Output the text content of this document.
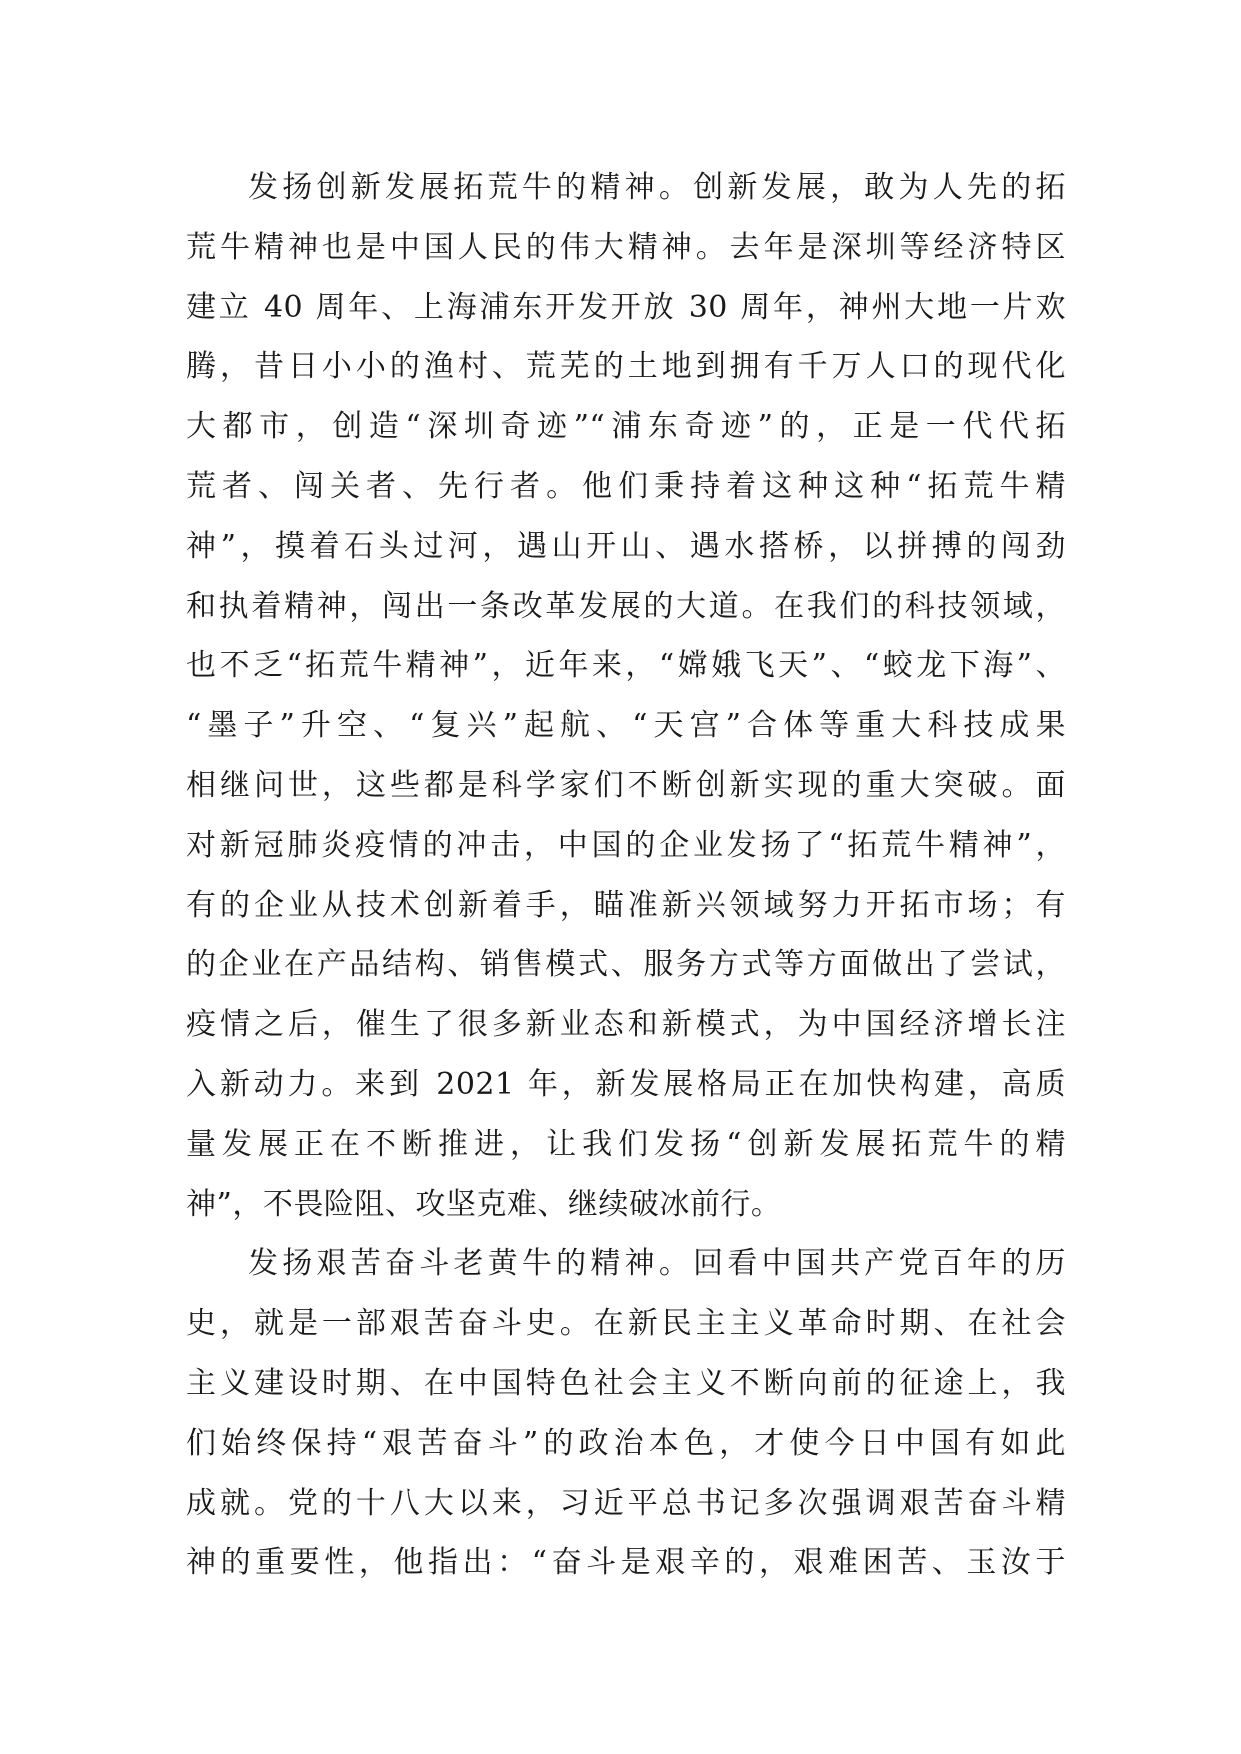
发扬创新发展拓荒牛的精神。创新发展，敢为人先的拓
荒牛精神也是中国人民的伟大精神。去年是深圳等经济特区
建立 40 周年、上海浦东开发开放 30 周年，神州大地一片欢
腾，昔日小小的渔村、荒芜的土地到拥有千万人口的现代化
大都市，创造“深圳奇迹”“浦东奇迹”的，正是一代代拓
荒者、闯关者、先行者。他们秉持着这种这种“拓荒牛精
神”，摸着石头过河，遇山开山、遇水搭桥，以拼搏的闯劲
和执着精神，闯出一条改革发展的大道。在我们的科技领域，
也不乏“拓荒牛精神”，近年来，“嫦娥飞天”、“蛟龙下海”、
“墨子”升空、“复兴”起航、“天宫”合体等重大科技成果
相继问世，这些都是科学家们不断创新实现的重大突破。面
对新冠肺炎疫情的冲击，中国的企业发扬了“拓荒牛精神”，
有的企业从技术创新着手，瞄准新兴领域努力开拓市场；有
的企业在产品结构、销售模式、服务方式等方面做出了尝试，
疫情之后，催生了很多新业态和新模式，为中国经济增长注
入新动力。来到 2021 年，新发展格局正在加快构建，高质
量发展正在不断推进，让我们发扬“创新发展拓荒牛的精
神”，不畏险阻、攻坚克难、继续破冰前行。
发扬艰苦奋斗老黄牛的精神。回看中国共产党百年的历
史，就是一部艰苦奋斗史。在新民主主义革命时期、在社会
主义建设时期、在中国特色社会主义不断向前的征途上，我
们始终保持“艰苦奋斗”的政治本色，才使今日中国有如此
成就。党的十八大以来，习近平总书记多次强调艰苦奋斗精
神的重要性，他指出：“奋斗是艰辛的，艰难困苦、玉汝于
